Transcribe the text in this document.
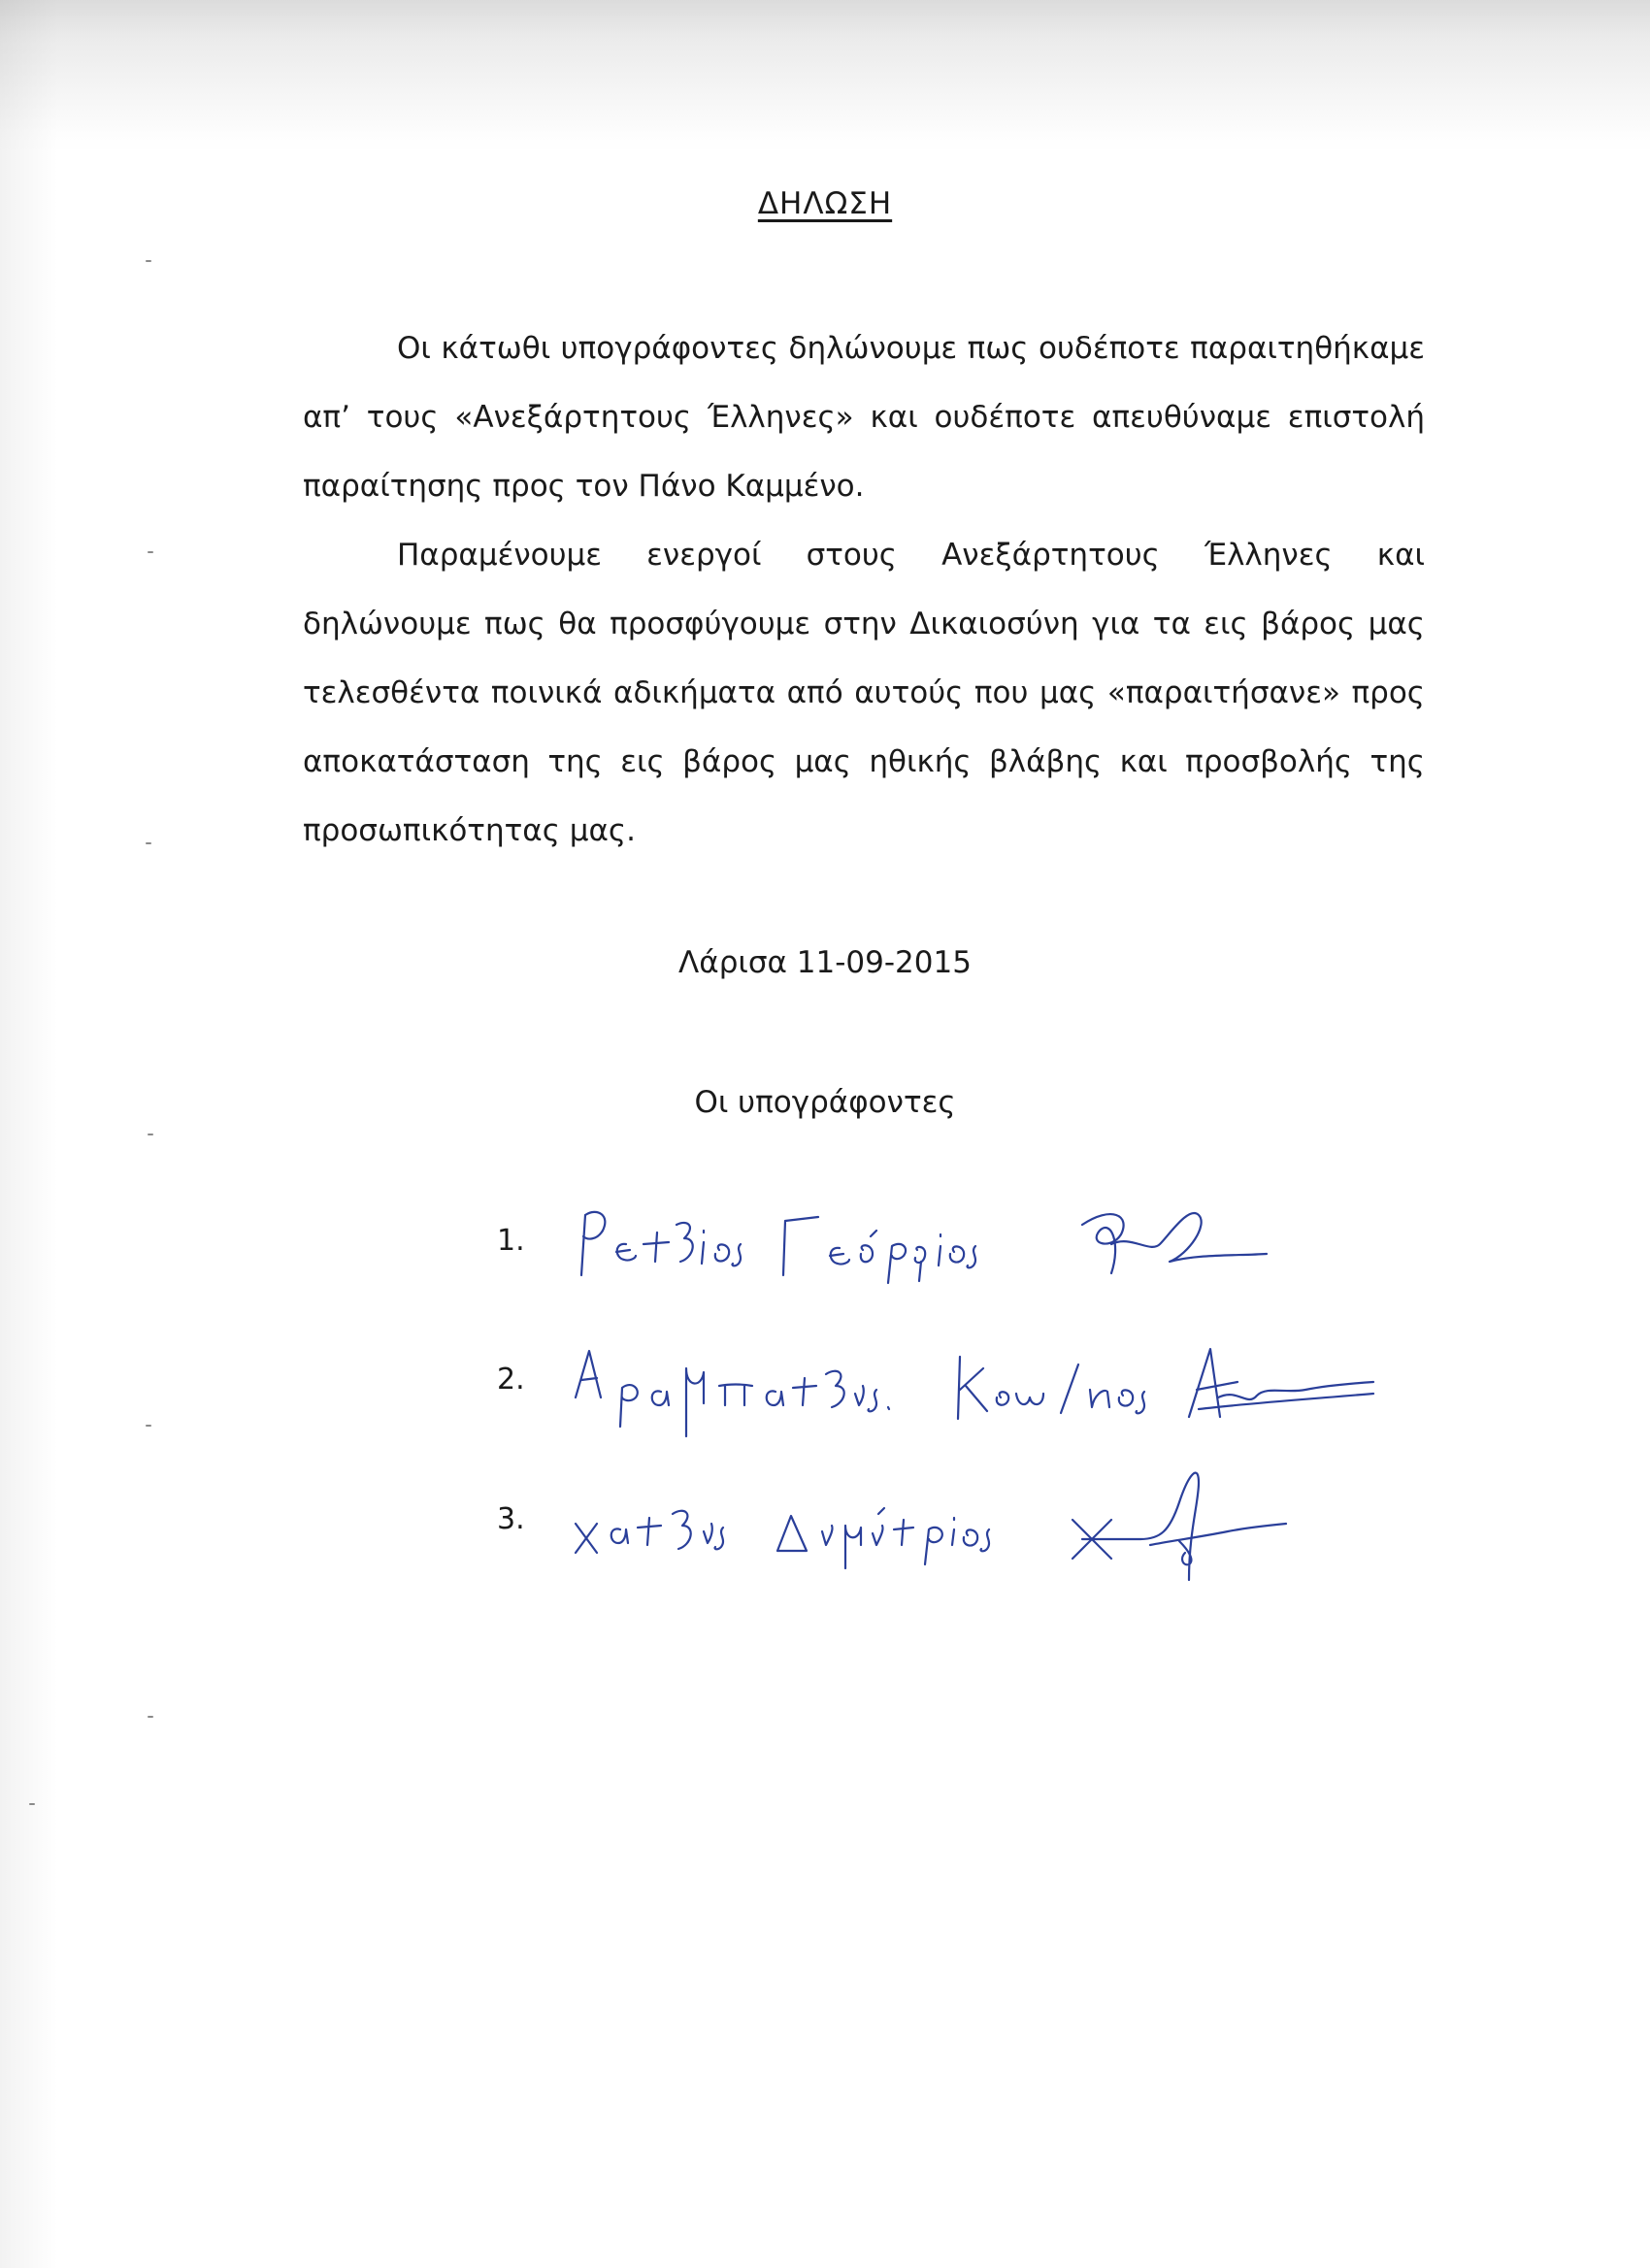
ΔΗΛΩΣΗ
Οι κάτωθι υπογράφοντες δηλώνουμε πως ουδέποτε παραιτηθήκαμε απ’ τους «Ανεξάρτητους Έλληνες» και ουδέποτε απευθύναμε επιστολή παραίτησης προς τον Πάνο Καμμένο.
Παραμένουμε ενεργοί στους Ανεξάρτητους Έλληνες και δηλώνουμε πως θα προσφύγουμε στην Δικαιοσύνη για τα εις βάρος μας τελεσθέντα ποινικά αδικήματα από αυτούς που μας «παραιτήσανε» προς αποκατάσταση της εις βάρος μας ηθικής βλάβης και προσβολής της προσωπικότητας μας.
Λάρισα 11-09-2015
Οι υπογράφοντες
1.
2.
3.
